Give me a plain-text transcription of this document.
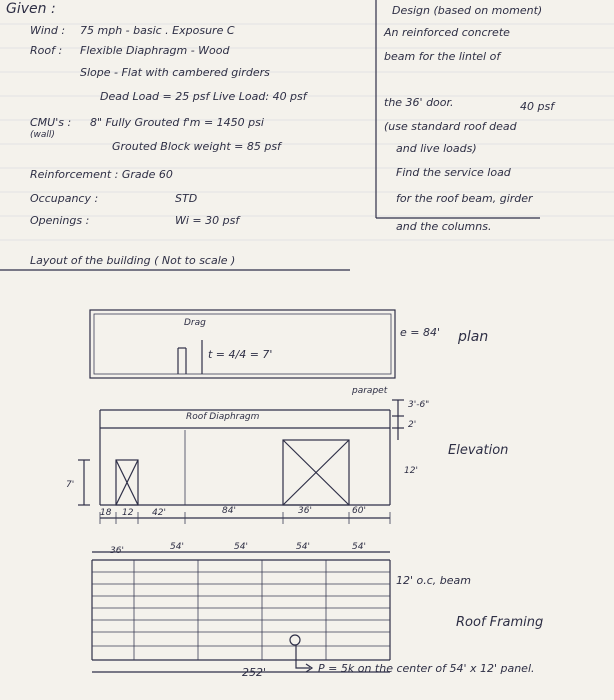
Given :
Wind : 75 mph - basic . Exposure C
Roof : Flexible Diaphragm - Wood
Slope - Flat with cambered girders
Dead Load = 25 psf Live Load: 40 psf
CMU's :
(wall)
8" Fully Grouted f'm = 1450 psi
Grouted Block weight = 85 psf
Reinforcement : Grade 60
Occupancy :	STD
Openings :	Wi = 30 psf
Layout of the building ( Not to scale )
Design (based on moment)
An reinforced concrete
beam for the lintel of
the 36' door.	40 psf
(use standard roof dead
and live loads)
Find the service load
for the roof beam, girder
and the columns.
Drag
t = 4/4 = 7'
e = 84' plan
parapet
Roof Diaphragm
3'-6"
2'
Elevation
12'
7'
18 12 42'	84'	36'	60'
36'	54'	54'	54'	54'
12' o.c, beam
Roof Framing
252'	P = 5k on the center of 54' x 12' panel.
